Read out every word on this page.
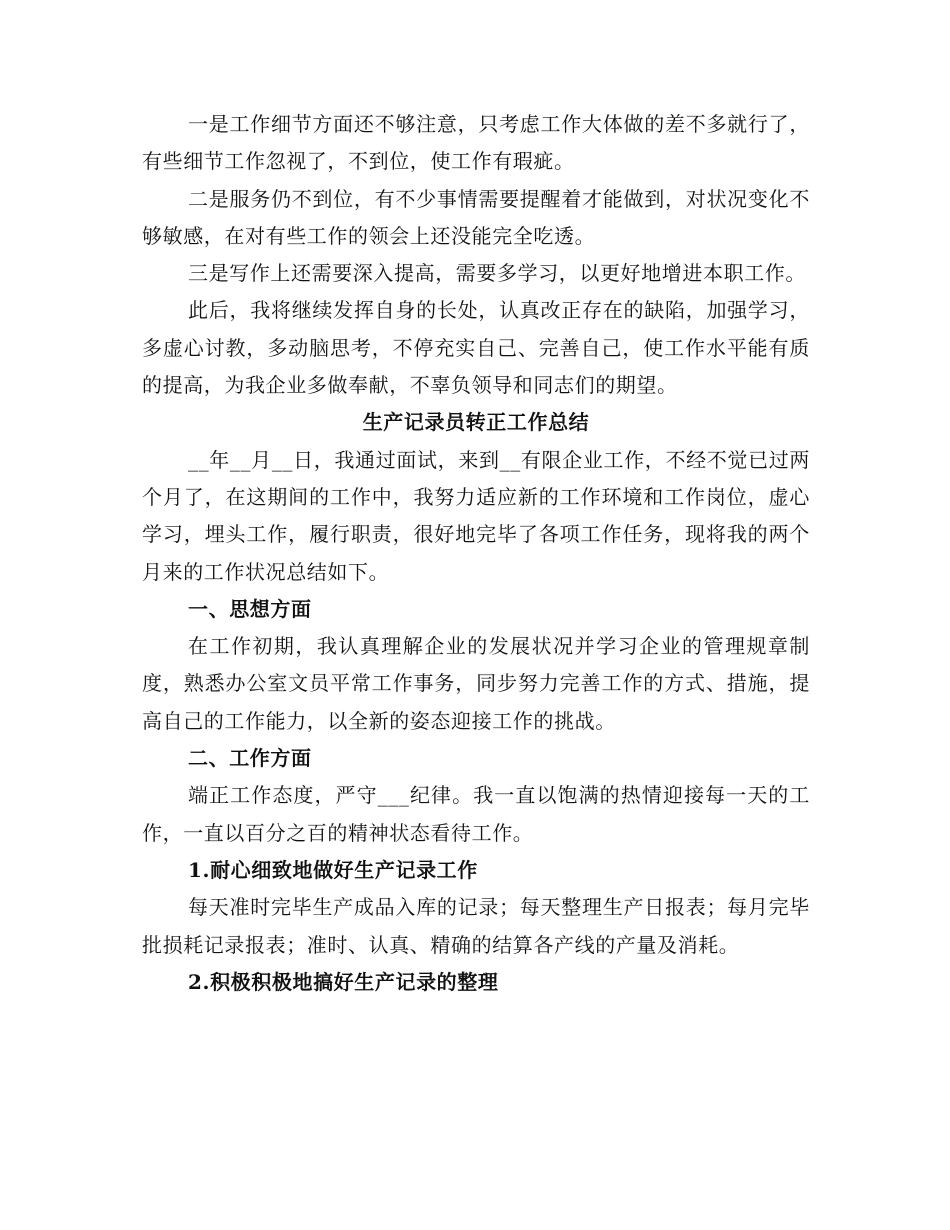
一是工作细节方面还不够注意，只考虑工作大体做的差不多就行了，有些细节工作忽视了，不到位，使工作有瑕疵。

二是服务仍不到位，有不少事情需要提醒着才能做到，对状况变化不够敏感，在对有些工作的领会上还没能完全吃透。

三是写作上还需要深入提高，需要多学习，以更好地增进本职工作。

此后，我将继续发挥自身的长处，认真改正存在的缺陷，加强学习，多虚心讨教，多动脑思考，不停充实自己、完善自己，使工作水平能有质的提高，为我企业多做奉献，不辜负领导和同志们的期望。

生产记录员转正工作总结

__年__月__日，我通过面试，来到__有限企业工作，不经不觉已过两个月了，在这期间的工作中，我努力适应新的工作环境和工作岗位，虚心学习，埋头工作，履行职责，很好地完毕了各项工作任务，现将我的两个月来的工作状况总结如下。

一、思想方面

在工作初期，我认真理解企业的发展状况并学习企业的管理规章制度，熟悉办公室文员平常工作事务，同步努力完善工作的方式、措施，提高自己的工作能力，以全新的姿态迎接工作的挑战。

二、工作方面

端正工作态度，严守___纪律。我一直以饱满的热情迎接每一天的工作，一直以百分之百的精神状态看待工作。

1.耐心细致地做好生产记录工作

每天准时完毕生产成品入库的记录；每天整理生产日报表；每月完毕批损耗记录报表；准时、认真、精确的结算各产线的产量及消耗。

2.积极积极地搞好生产记录的整理
